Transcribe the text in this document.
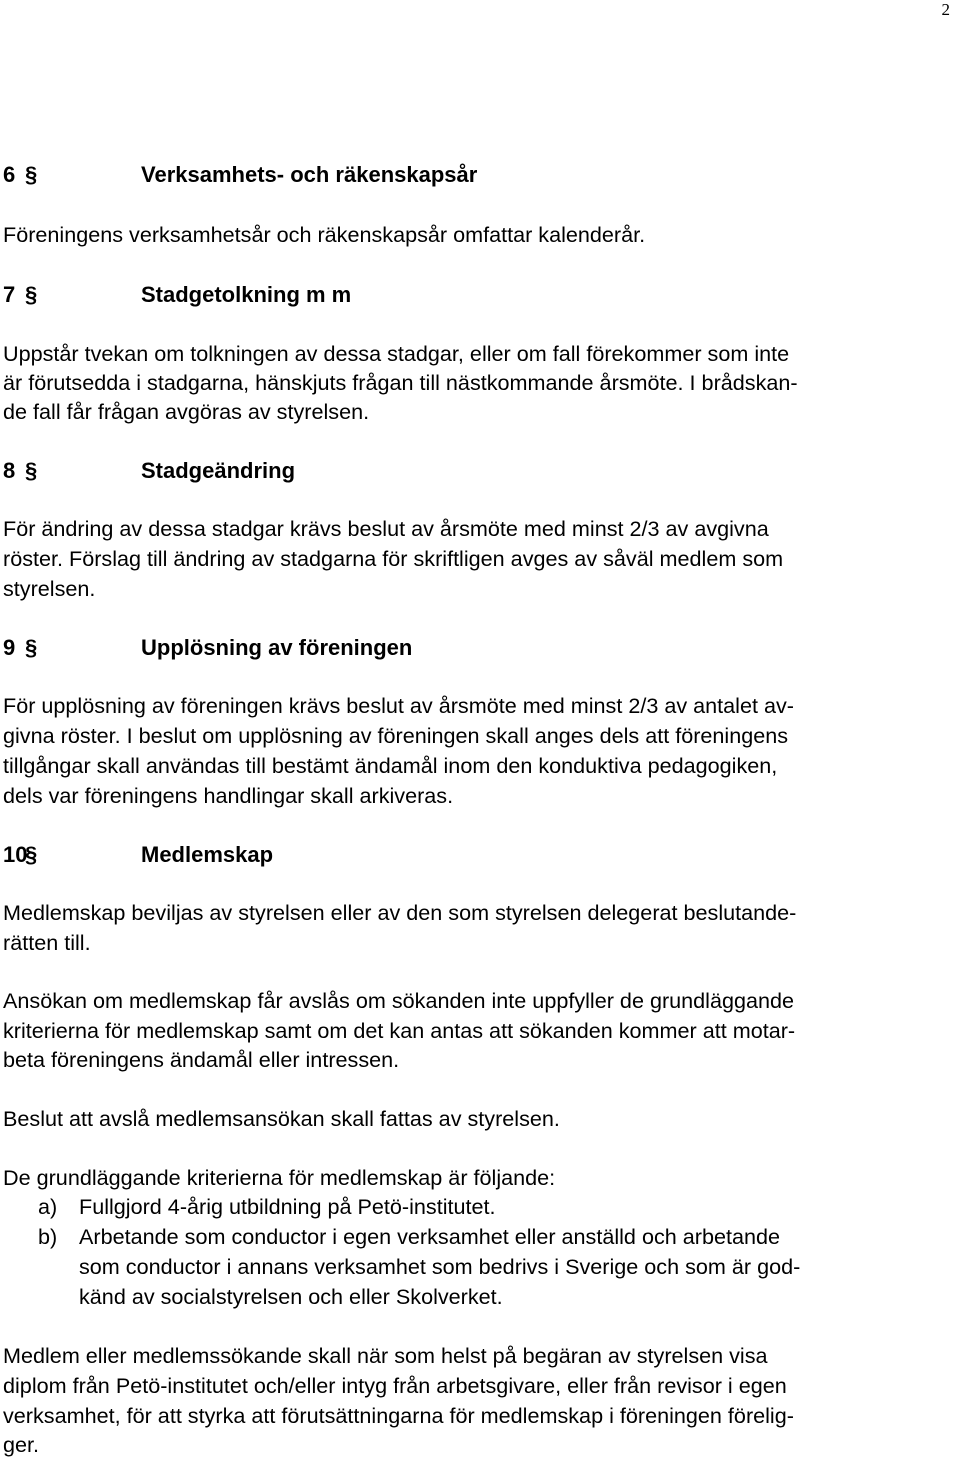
2
6 §	Verksamhets- och räkenskapsår
Föreningens verksamhetsår och räkenskapsår omfattar kalenderår.
7 §	Stadgetolkning m m
Uppstår tvekan om tolkningen av dessa stadgar, eller om fall förekommer som inte
är förutsedda i stadgarna, hänskjuts frågan till nästkommande årsmöte. I brådskan-
de fall får frågan avgöras av styrelsen.
8 §	Stadgeändring
För ändring av dessa stadgar krävs beslut av årsmöte med minst 2/3 av avgivna
röster. Förslag till ändring av stadgarna för skriftligen avges av såväl medlem som
styrelsen.
9 §	Upplösning av föreningen
För upplösning av föreningen krävs beslut av årsmöte med minst 2/3 av antalet av-
givna röster. I beslut om upplösning av föreningen skall anges dels att föreningens
tillgångar skall användas till bestämt ändamål inom den konduktiva pedagogiken,
dels var föreningens handlingar skall arkiveras.
10
§	Medlemskap
Medlemskap beviljas av styrelsen eller av den som styrelsen delegerat beslutande-
rätten till.
Ansökan om medlemskap får avslås om sökanden inte uppfyller de grundläggande
kriterierna för medlemskap samt om det kan antas att sökanden kommer att motar-
beta föreningens ändamål eller intressen.
Beslut att avslå medlemsansökan skall fattas av styrelsen.
De grundläggande kriterierna för medlemskap är följande:
a) Fullgjord 4-årig utbildning på Petö-institutet.
b) Arbetande som conductor i egen verksamhet eller anställd och arbetande
som conductor i annans verksamhet som bedrivs i Sverige och som är god-
känd av socialstyrelsen och eller Skolverket.
Medlem eller medlemssökande skall när som helst på begäran av styrelsen visa
diplom från Petö-institutet och/eller intyg från arbetsgivare, eller från revisor i egen
verksamhet, för att styrka att förutsättningarna för medlemskap i föreningen förelig-
ger.
